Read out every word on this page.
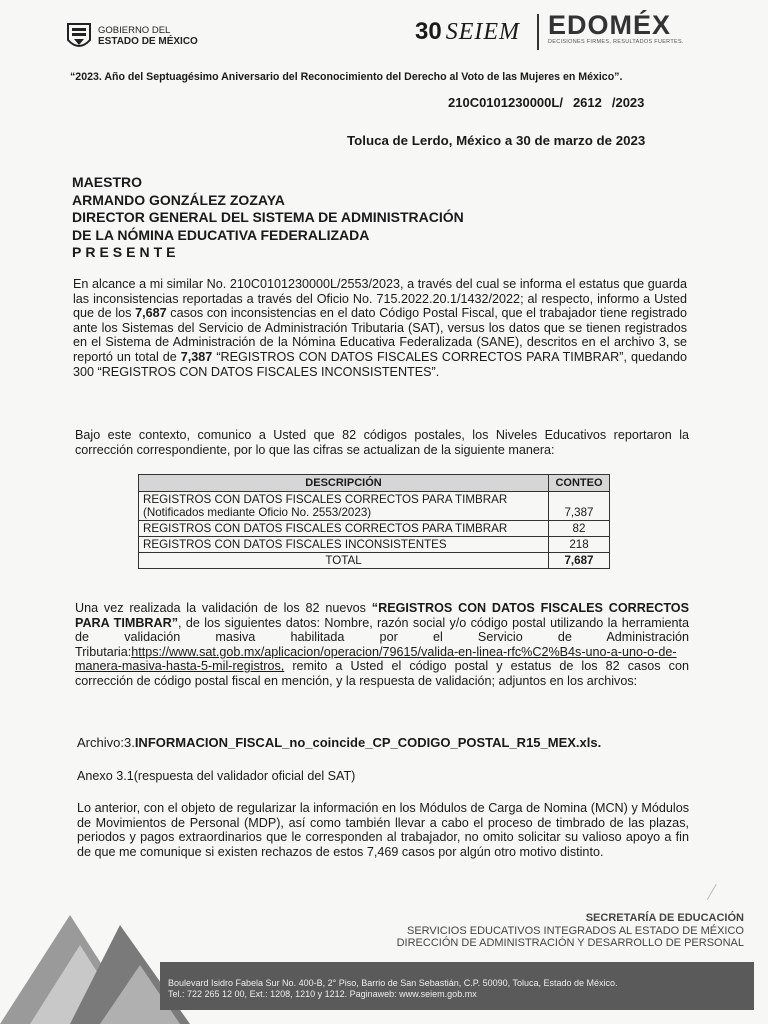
GOBIERNO DEL
ESTADO DE MÉXICO	30 SEIEM EDOMÉX
DECISIONES FIRMES, RESULTADOS FUERTES.
“2023. Año del Septuagésimo Aniversario del Reconocimiento del Derecho al Voto de las Mujeres en México”.
210C0101230000L/ 2612 /2023
Toluca de Lerdo, México a 30 de marzo de 2023
MAESTRO
ARMANDO GONZÁLEZ ZOZAYA
DIRECTOR GENERAL DEL SISTEMA DE ADMINISTRACIÓN
DE LA NÓMINA EDUCATIVA FEDERALIZADA
PRESENTE
En alcance a mi similar No. 210C0101230000L/2553/2023, a través del cual se informa el estatus que guarda las inconsistencias reportadas a través del Oficio No. 715.2022.20.1/1432/2022; al respecto, informo a Usted que de los 7,687 casos con inconsistencias en el dato Código Postal Fiscal, que el trabajador tiene registrado ante los Sistemas del Servicio de Administración Tributaria (SAT), versus los datos que se tienen registrados en el Sistema de Administración de la Nómina Educativa Federalizada (SANE), descritos en el archivo 3, se reportó un total de 7,387 “REGISTROS CON DATOS FISCALES CORRECTOS PARA TIMBRAR”, quedando 300 “REGISTROS CON DATOS FISCALES INCONSISTENTES”.
Bajo este contexto, comunico a Usted que 82 códigos postales, los Niveles Educativos reportaron la corrección correspondiente, por lo que las cifras se actualizan de la siguiente manera:
DESCRIPCIÓN	CONTEO

REGISTROS CON DATOS FISCALES CORRECTOS PARA TIMBRAR
(Notificados mediante Oficio No. 2553/2023)	7,387
REGISTROS CON DATOS FISCALES CORRECTOS PARA TIMBRAR	82
REGISTROS CON DATOS FISCALES INCONSISTENTES	218
TOTAL	7,687
Una vez realizada la validación de los 82 nuevos “REGISTROS CON DATOS FISCALES CORRECTOS PARA TIMBRAR”, de los siguientes datos: Nombre, razón social y/o código postal utilizando la herramienta de validación masiva habilitada por el Servicio de Administración Tributaria:https://www.sat.gob.mx/aplicacion/operacion/79615/valida-en-linea-rfc%C2%B4s-uno-a-uno-o-de-manera-masiva-hasta-5-mil-registros, remito a Usted el código postal y estatus de los 82 casos con corrección de código postal fiscal en mención, y la respuesta de validación; adjuntos en los archivos:
Archivo:3.INFORMACION_FISCAL_no_coincide_CP_CODIGO_POSTAL_R15_MEX.xls.
Anexo 3.1(respuesta del validador oficial del SAT)
Lo anterior, con el objeto de regularizar la información en los Módulos de Carga de Nomina (MCN) y Módulos de Movimientos de Personal (MDP), así como también llevar a cabo el proceso de timbrado de las plazas, periodos y pagos extraordinarios que le corresponden al trabajador, no omito solicitar su valioso apoyo a fin de que me comunique si existen rechazos de estos 7,469 casos por algún otro motivo distinto.
SECRETARÍA DE EDUCACIÓN
SERVICIOS EDUCATIVOS INTEGRADOS AL ESTADO DE MÉXICO
DIRECCIÓN DE ADMINISTRACIÓN Y DESARROLLO DE PERSONAL
Boulevard Isidro Fabela Sur No. 400-B, 2° Piso, Barrio de San Sebastián, C.P. 50090, Toluca, Estado de México.
Tel.: 722 265 12 00, Ext.: 1208, 1210 y 1212. Paginaweb: www.seiem.gob.mx
